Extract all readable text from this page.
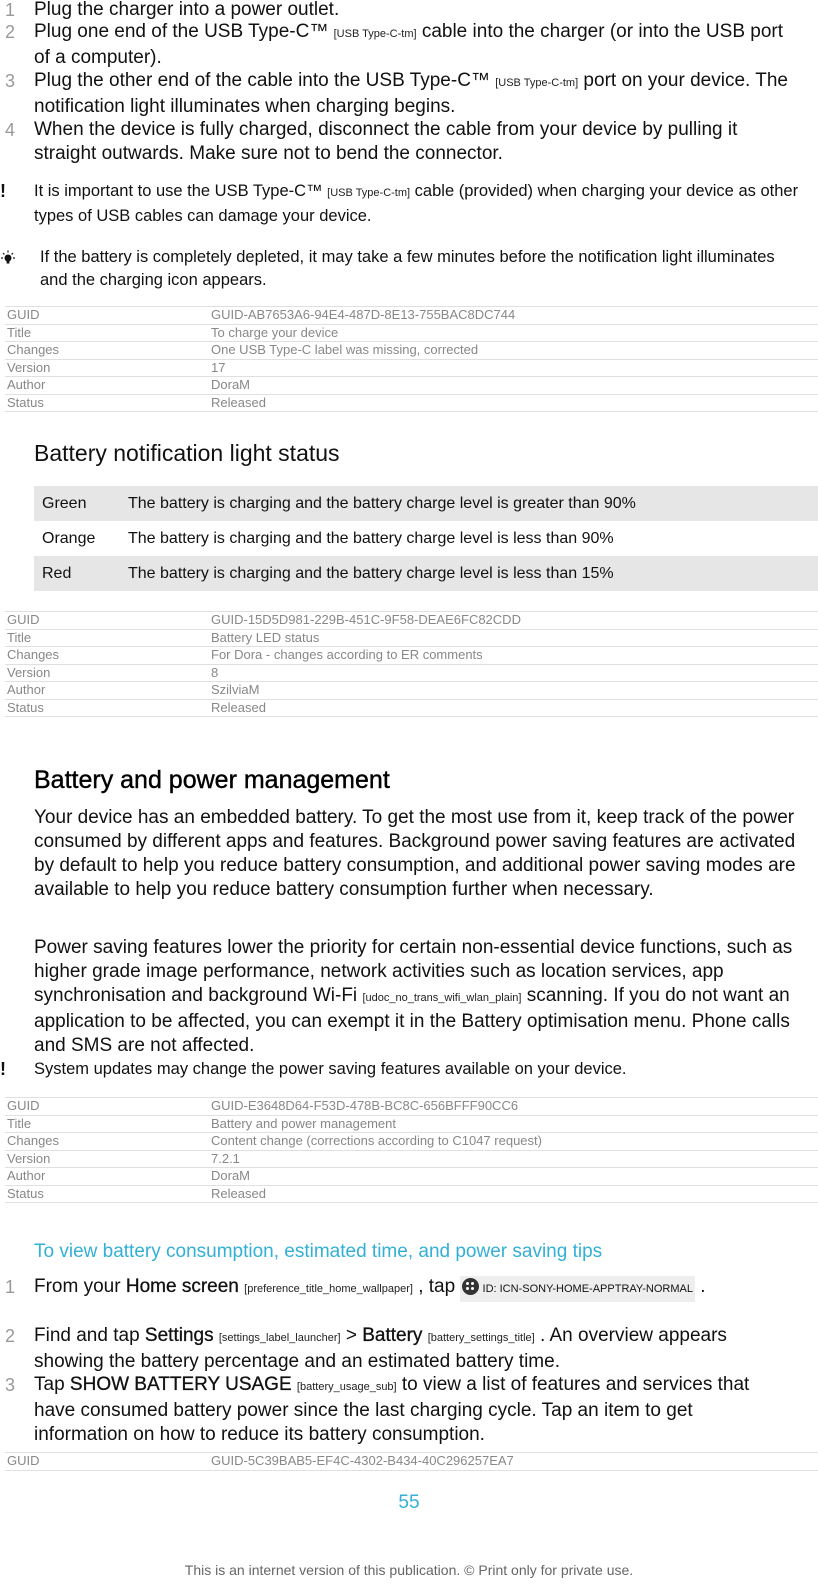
1 Plug the charger into a power outlet.

2 Plug one end of the USB Type-C™ [USB Type-C-tm] cable into the charger (or into the USB port of a computer).

3 Plug the other end of the cable into the USB Type-C™ [USB Type-C-tm] port on your device. The notification light illuminates when charging begins.

4 When the device is fully charged, disconnect the cable from your device by pulling it straight outwards. Make sure not to bend the connector.

!	It is important to use the USB Type-C™ [USB Type-C-tm] cable (provided) when charging your device as other types of USB cables can damage your device.
If the battery is completely depleted, it may take a few minutes before the notification light illuminates and the charging icon appears.
GUID	GUID-AB7653A6-94E4-487D-8E13-755BAC8DC744
Title	To charge your device
Changes	One USB Type-C label was missing, corrected
Version	17
Author	DoraM
Status	Released
Battery notification light status
Green	The battery is charging and the battery charge level is greater than 90%
Orange	The battery is charging and the battery charge level is less than 90%
Red	The battery is charging and the battery charge level is less than 15%
GUID	GUID-15D5D981-229B-451C-9F58-DEAE6FC82CDD
Title	Battery LED status
Changes	For Dora - changes according to ER comments
Version	8
Author	SzilviaM
Status	Released
Battery and power management

Your device has an embedded battery. To get the most use from it, keep track of the power consumed by different apps and features. Background power saving features are activated by default to help you reduce battery consumption, and additional power saving modes are available to help you reduce battery consumption further when necessary.

Power saving features lower the priority for certain non-essential device functions, such as higher grade image performance, network activities such as location services, app synchronisation and background Wi-Fi [udoc_no_trans_wifi_wlan_plain] scanning. If you do not want an application to be affected, you can exempt it in the Battery optimisation menu. Phone calls and SMS are not affected.

!	System updates may change the power saving features available on your device.
GUID	GUID-E3648D64-F53D-478B-BC8C-656BFFF90CC6
Title	Battery and power management
Changes	Content change (corrections according to C1047 request)
Version	7.2.1
Author	DoraM
Status	Released
To view battery consumption, estimated time, and power saving tips

1 From your Home screen [preference_title_home_wallpaper] , tap
ID: ICN-SONY-HOME-APPTRAY-NORMAL .

2 Find and tap Settings [settings_label_launcher] > Battery [battery_settings_title] . An overview appears showing the battery percentage and an estimated battery time.

3 Tap SHOW BATTERY USAGE [battery_usage_sub] to view a list of features and services that have consumed battery power since the last charging cycle. Tap an item to get information on how to reduce its battery consumption.

GUID	GUID-5C39BAB5-EF4C-4302-B434-40C296257EA7
55
This is an internet version of this publication. © Print only for private use.
